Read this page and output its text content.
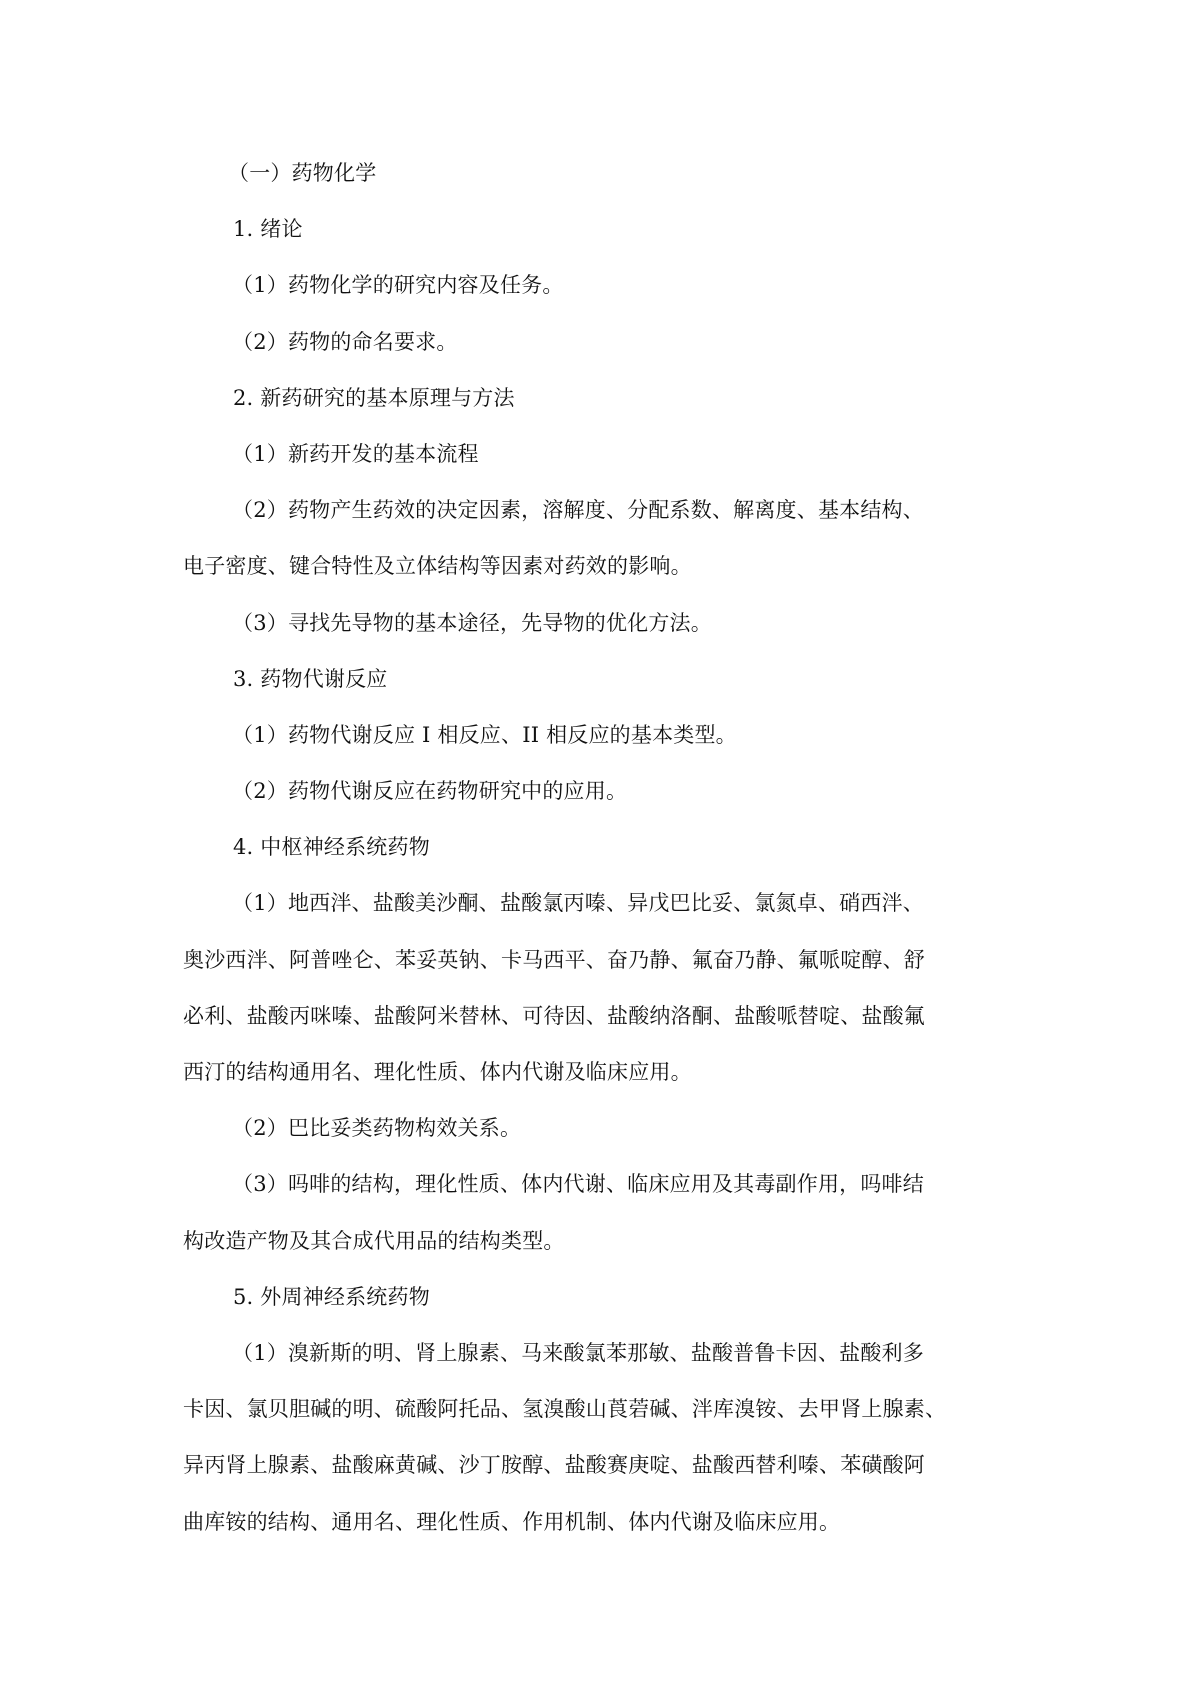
（一）药物化学
1. 绪论
（1）药物化学的研究内容及任务。
（2）药物的命名要求。
2. 新药研究的基本原理与方法
（1）新药开发的基本流程
（2）药物产生药效的决定因素，溶解度、分配系数、解离度、基本结构、
电子密度、键合特性及立体结构等因素对药效的影响。
（3）寻找先导物的基本途径，先导物的优化方法。
3. 药物代谢反应
（1）药物代谢反应 I 相反应、II 相反应的基本类型。
（2）药物代谢反应在药物研究中的应用。
4. 中枢神经系统药物
（1）地西泮、盐酸美沙酮、盐酸氯丙嗪、异戊巴比妥、氯氮卓、硝西泮、
奥沙西泮、阿普唑仑、苯妥英钠、卡马西平、奋乃静、氟奋乃静、氟哌啶醇、舒
必利、盐酸丙咪嗪、盐酸阿米替林、可待因、盐酸纳洛酮、盐酸哌替啶、盐酸氟
西汀的结构通用名、理化性质、体内代谢及临床应用。
（2）巴比妥类药物构效关系。
（3）吗啡的结构，理化性质、体内代谢、临床应用及其毒副作用，吗啡结
构改造产物及其合成代用品的结构类型。
5. 外周神经系统药物
（1）溴新斯的明、肾上腺素、马来酸氯苯那敏、盐酸普鲁卡因、盐酸利多
卡因、氯贝胆碱的明、硫酸阿托品、氢溴酸山莨菪碱、泮库溴铵、去甲肾上腺素、
异丙肾上腺素、盐酸麻黄碱、沙丁胺醇、盐酸赛庚啶、盐酸西替利嗪、苯磺酸阿
曲库铵的结构、通用名、理化性质、作用机制、体内代谢及临床应用。
